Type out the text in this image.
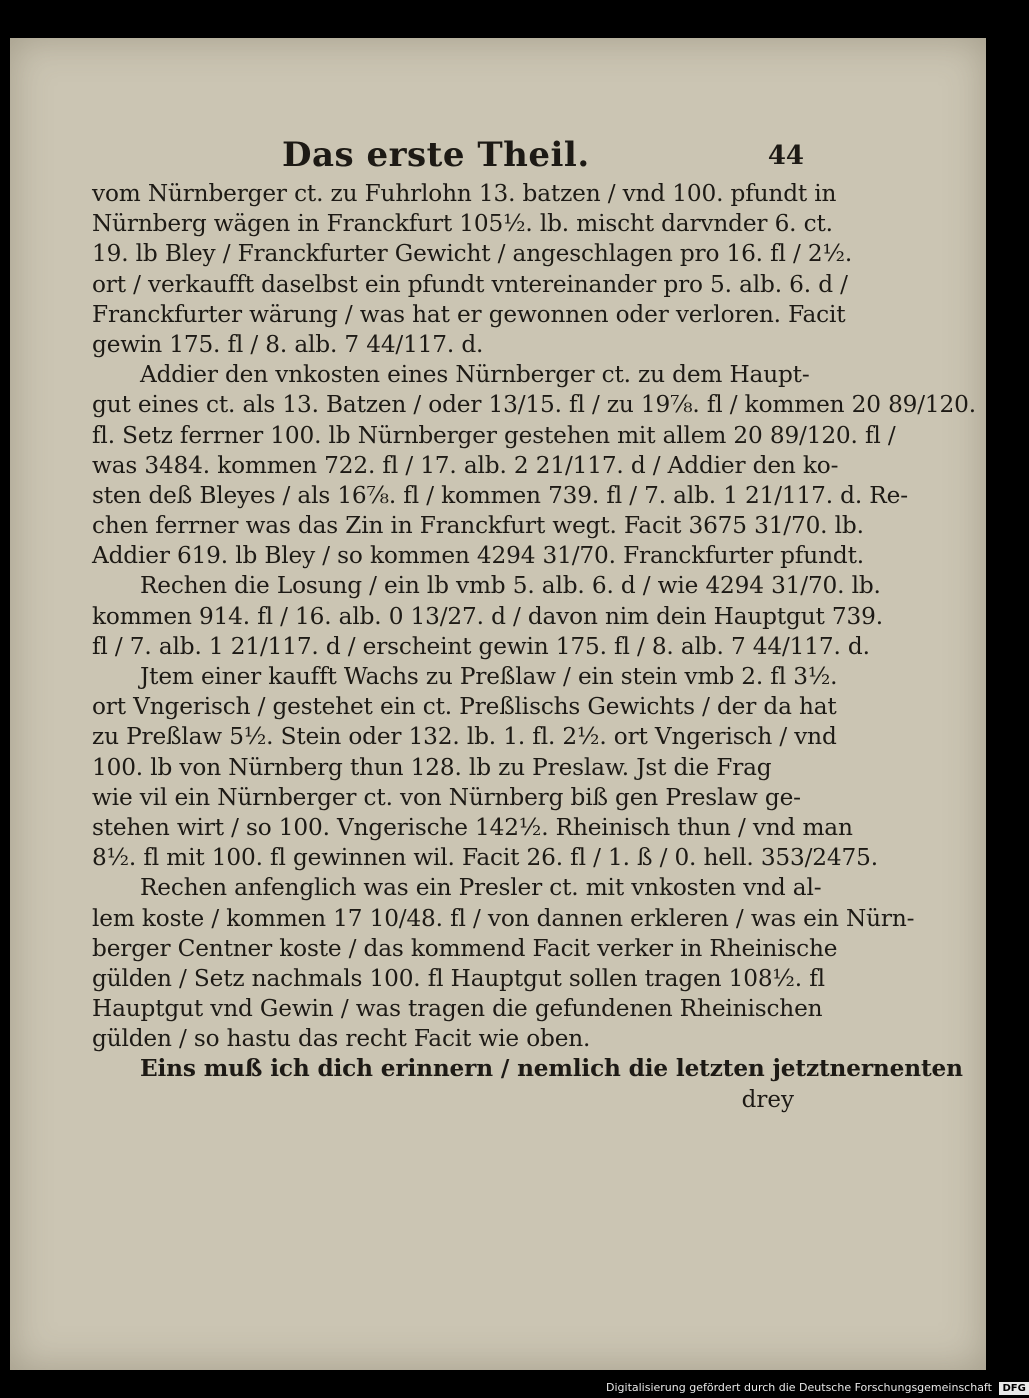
Das erste Theil.	44
vom Nürnberger ct. zu Fuhrlohn 13. batzen / vnd 100. pfundt in
Nürnberg wägen in Franckfurt 105½. lb. mischt darvnder 6. ct.
19. lb Bley / Franckfurter Gewicht / angeschlagen pro 16. fl / 2½.
ort / verkaufft daselbst ein pfundt vntereinander pro 5. alb. 6. d /
Franckfurter wärung / was hat er gewonnen oder verloren. Facit
gewin 175. fl / 8. alb. 7 44/117. d.
Addier den vnkosten eines Nürnberger ct. zu dem Haupt-
gut eines ct. als 13. Batzen / oder 13/15. fl / zu 19⅞. fl / kommen 20 89/120.
fl. Setz ferrner 100. lb Nürnberger gestehen mit allem 20 89/120. fl /
was 3484. kommen 722. fl / 17. alb. 2 21/117. d / Addier den ko-
sten deß Bleyes / als 16⅞. fl / kommen 739. fl / 7. alb. 1 21/117. d. Re-
chen ferrner was das Zin in Franckfurt wegt. Facit 3675 31/70. lb.
Addier 619. lb Bley / so kommen 4294 31/70. Franckfurter pfundt.
Rechen die Losung / ein lb vmb 5. alb. 6. d / wie 4294 31/70. lb.
kommen 914. fl / 16. alb. 0 13/27. d / davon nim dein Hauptgut 739.
fl / 7. alb. 1 21/117. d / erscheint gewin 175. fl / 8. alb. 7 44/117. d.
Jtem einer kaufft Wachs zu Preßlaw / ein stein vmb 2. fl 3½.
ort Vngerisch / gestehet ein ct. Preßlischs Gewichts / der da hat
zu Preßlaw 5½. Stein oder 132. lb. 1. fl. 2½. ort Vngerisch / vnd
100. lb von Nürnberg thun 128. lb zu Preslaw. Jst die Frag
wie vil ein Nürnberger ct. von Nürnberg biß gen Preslaw ge-
stehen wirt / so 100. Vngerische 142½. Rheinisch thun / vnd man
8½. fl mit 100. fl gewinnen wil. Facit 26. fl / 1. ß / 0. hell. 353/2475.
Rechen anfenglich was ein Presler ct. mit vnkosten vnd al-
lem koste / kommen 17 10/48. fl / von dannen erkleren / was ein Nürn-
berger Centner koste / das kommend Facit verker in Rheinische
gülden / Setz nachmals 100. fl Hauptgut sollen tragen 108½. fl
Hauptgut vnd Gewin / was tragen die gefundenen Rheinischen
gülden / so hastu das recht Facit wie oben.
Eins muß ich dich erinnern / nemlich die letzten jetztnernenten
drey
Digitalisierung gefördert durch die Deutsche Forschungsgemeinschaft DFG
